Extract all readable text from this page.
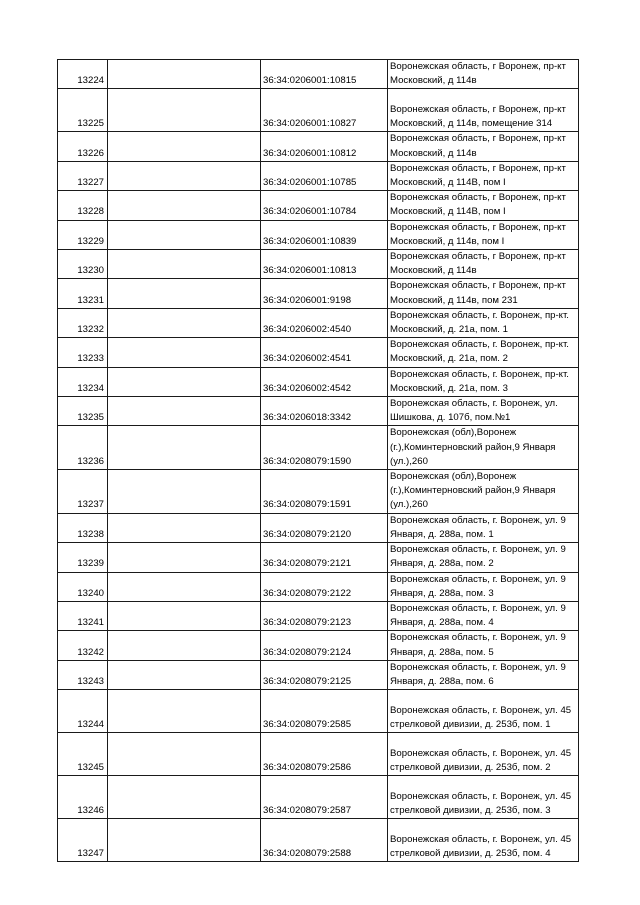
13224		36:34:0206001:10815	Воронежская область, г Воронеж, пр-кт
Московский, д 114в
13225		36:34:0206001:10827	Воронежская область, г Воронеж, пр-кт
Московский, д 114в, помещение 314
13226		36:34:0206001:10812	Воронежская область, г Воронеж, пр-кт
Московский, д 114в
13227		36:34:0206001:10785	Воронежская область, г Воронеж, пр-кт
Московский, д 114В, пом I
13228		36:34:0206001:10784	Воронежская область, г Воронеж, пр-кт
Московский, д 114В, пом I
13229		36:34:0206001:10839	Воронежская область, г Воронеж, пр-кт
Московский, д 114в, пом I
13230		36:34:0206001:10813	Воронежская область, г Воронеж, пр-кт
Московский, д 114в
13231		36:34:0206001:9198	Воронежская область, г Воронеж, пр-кт
Московский, д 114в, пом 231
13232		36:34:0206002:4540	Воронежская область, г. Воронеж, пр-кт.
Московский, д. 21а, пом. 1
13233		36:34:0206002:4541	Воронежская область, г. Воронеж, пр-кт.
Московский, д. 21а, пом. 2
13234		36:34:0206002:4542	Воронежская область, г. Воронеж, пр-кт.
Московский, д. 21а, пом. 3
13235		36:34:0206018:3342	Воронежская область, г. Воронеж, ул.
Шишкова, д. 107б, пом.№1
13236		36:34:0208079:1590	Воронежская (обл),Воронеж
(г.),Коминтерновский район,9 Января
(ул.),260
13237		36:34:0208079:1591	Воронежская (обл),Воронеж
(г.),Коминтерновский район,9 Января
(ул.),260
13238		36:34:0208079:2120	Воронежская область, г. Воронеж, ул. 9
Января, д. 288а, пом. 1
13239		36:34:0208079:2121	Воронежская область, г. Воронеж, ул. 9
Января, д. 288а, пом. 2
13240		36:34:0208079:2122	Воронежская область, г. Воронеж, ул. 9
Января, д. 288а, пом. 3
13241		36:34:0208079:2123	Воронежская область, г. Воронеж, ул. 9
Января, д. 288а, пом. 4
13242		36:34:0208079:2124	Воронежская область, г. Воронеж, ул. 9
Января, д. 288а, пом. 5
13243		36:34:0208079:2125	Воронежская область, г. Воронеж, ул. 9
Января, д. 288а, пом. 6
13244		36:34:0208079:2585	Воронежская область, г. Воронеж, ул. 45
стрелковой дивизии, д. 253б, пом. 1
13245		36:34:0208079:2586	Воронежская область, г. Воронеж, ул. 45
стрелковой дивизии, д. 253б, пом. 2
13246		36:34:0208079:2587	Воронежская область, г. Воронеж, ул. 45
стрелковой дивизии, д. 253б, пом. 3
13247		36:34:0208079:2588	Воронежская область, г. Воронеж, ул. 45
стрелковой дивизии, д. 253б, пом. 4
